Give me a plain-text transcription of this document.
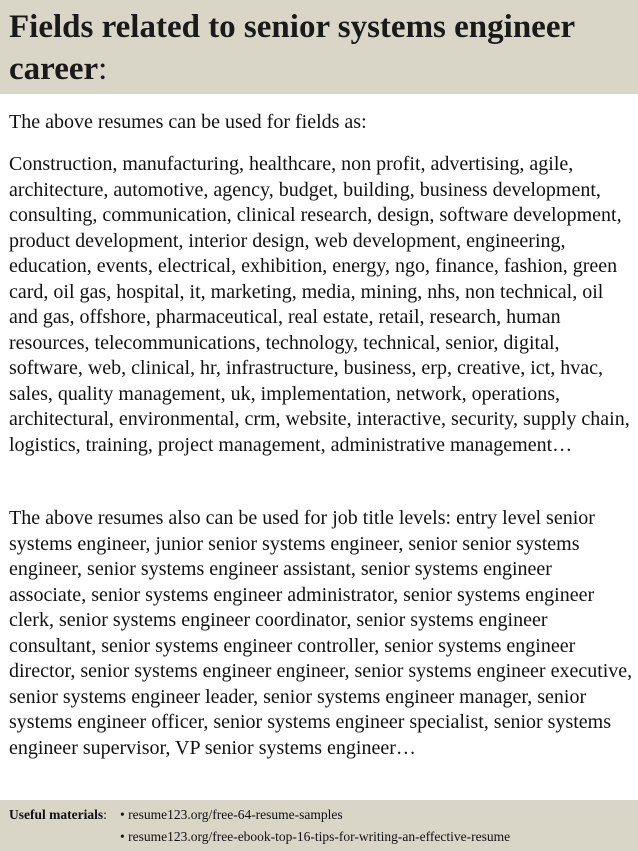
Fields related to senior systems engineer career:

The above resumes can be used for fields as:

Construction, manufacturing, healthcare, non profit, advertising, agile, architecture, automotive, agency, budget, building, business development, consulting, communication, clinical research, design, software development, product development, interior design, web development, engineering, education, events, electrical, exhibition, energy, ngo, finance, fashion, green card, oil gas, hospital, it, marketing, media, mining, nhs, non technical, oil and gas, offshore, pharmaceutical, real estate, retail, research, human resources, telecommunications, technology, technical, senior, digital, software, web, clinical, hr, infrastructure, business, erp, creative, ict, hvac, sales, quality management, uk, implementation, network, operations, architectural, environmental, crm, website, interactive, security, supply chain, logistics, training, project management, administrative management…

The above resumes also can be used for job title levels: entry level senior systems engineer, junior senior systems engineer, senior senior systems engineer, senior systems engineer assistant, senior systems engineer associate, senior systems engineer administrator, senior systems engineer clerk, senior systems engineer coordinator, senior systems engineer consultant, senior systems engineer controller, senior systems engineer director, senior systems engineer engineer, senior systems engineer executive, senior systems engineer leader, senior systems engineer manager, senior systems engineer officer, senior systems engineer specialist, senior systems engineer supervisor, VP senior systems engineer…

Useful materials: • resume123.org/free-64-resume-samples
• resume123.org/free-ebook-top-16-tips-for-writing-an-effective-resume
